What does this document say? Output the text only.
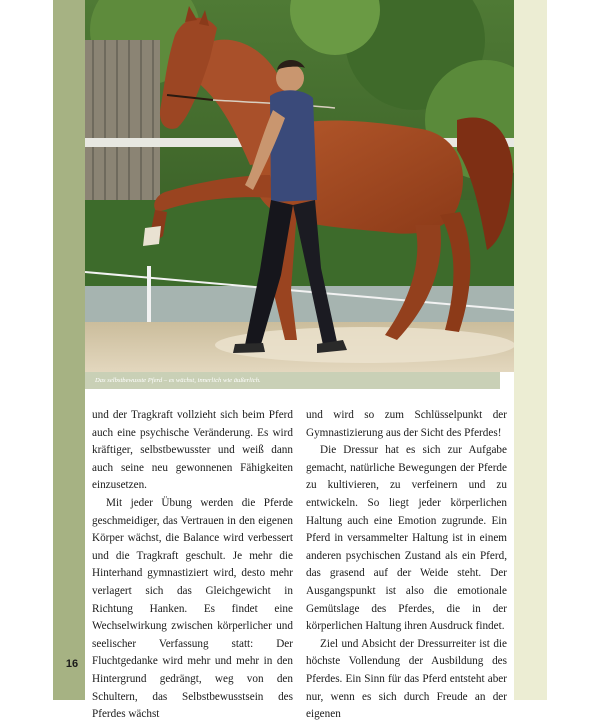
Das selbstbewusste Pferd – es wächst, innerlich wie äußerlich.

und der Tragkraft vollzieht sich beim Pferd auch eine psychische Veränderung. Es wird kräftiger, selbstbewusster und weiß dann auch seine neu gewonnenen Fähigkeiten einzusetzen.

Mit jeder Übung werden die Pferde geschmeidiger, das Vertrauen in den eigenen Körper wächst, die Balance wird verbessert und die Tragkraft geschult. Je mehr die Hinterhand gymnastiziert wird, desto mehr verlagert sich das Gleichgewicht in Richtung Hanken. Es findet eine Wechselwirkung zwischen körperlicher und seelischer Verfassung statt: Der Fluchtgedanke wird mehr und mehr in den Hintergrund gedrängt, weg von den Schultern, das Selbstbewusstsein des Pferdes wächst

und wird so zum Schlüsselpunkt der Gymnastizierung aus der Sicht des Pferdes!

Die Dressur hat es sich zur Aufgabe gemacht, natürliche Bewegungen der Pferde zu kultivieren, zu verfeinern und zu entwickeln. So liegt jeder körperlichen Haltung auch eine Emotion zugrunde. Ein Pferd in versammelter Haltung ist in einem anderen psychischen Zustand als ein Pferd, das grasend auf der Weide steht. Der Ausgangspunkt ist also die emotionale Gemütslage des Pferdes, die in der körperlichen Haltung ihren Ausdruck findet.

Ziel und Absicht der Dressurreiter ist die höchste Vollendung der Ausbildung des Pferdes. Ein Sinn für das Pferd entsteht aber nur, wenn es sich durch Freude an der eigenen

16
